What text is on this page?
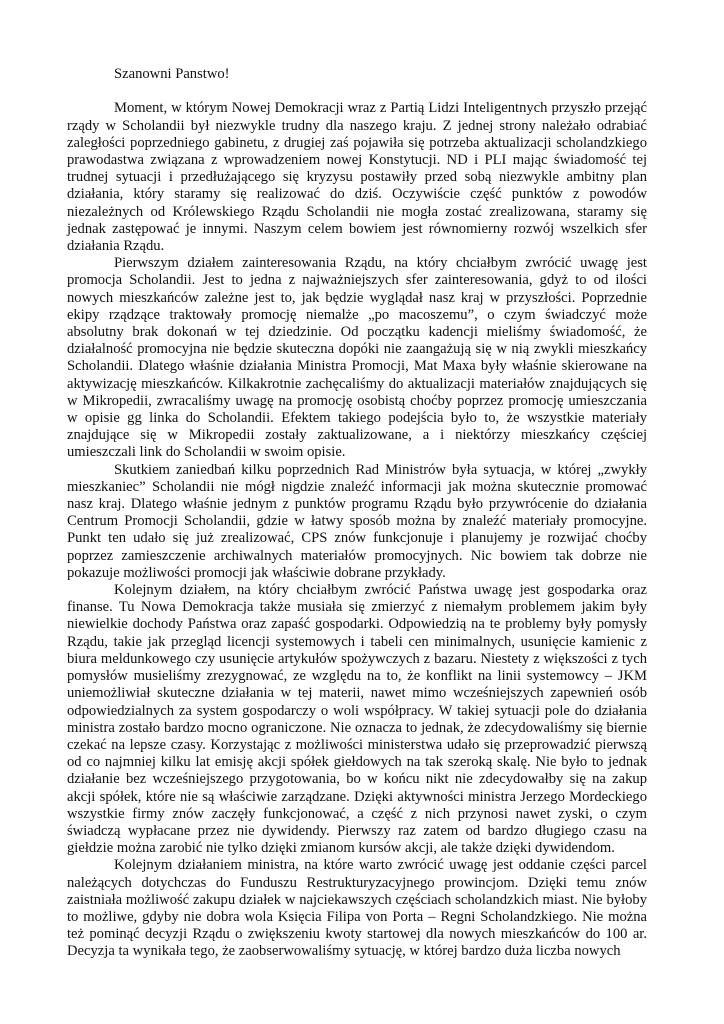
Szanowni Panstwo!

Moment, w którym Nowej Demokracji wraz z Partią Lidzi Inteligentnych przyszło przejąć rządy w Scholandii był niezwykle trudny dla naszego kraju. Z jednej strony należało odrabiać zaległości poprzedniego gabinetu, z drugiej zaś pojawiła się potrzeba aktualizacji scholandzkiego prawodastwa związana z wprowadzeniem nowej Konstytucji. ND i PLI mając świadomość tej trudnej sytuacji i przedłużającego się kryzysu postawiły przed sobą niezwykle ambitny plan działania, który staramy się realizować do dziś. Oczywiście część punktów z powodów niezależnych od Królewskiego Rządu Scholandii nie mogła zostać zrealizowana, staramy się jednak zastępować je innymi. Naszym celem bowiem jest równomierny rozwój wszelkich sfer działania Rządu.

Pierwszym działem zainteresowania Rządu, na który chciałbym zwrócić uwagę jest promocja Scholandii. Jest to jedna z najważniejszych sfer zainteresowania, gdyż to od ilości nowych mieszkańców zależne jest to, jak będzie wyglądał nasz kraj w przyszłości. Poprzednie ekipy rządzące traktowały promocję niemalże „po macoszemu”, o czym świadczyć może absolutny brak dokonań w tej dziedzinie. Od początku kadencji mieliśmy świadomość, że działalność promocyjna nie będzie skuteczna dopóki nie zaangażują się w nią zwykli mieszkańcy Scholandii. Dlatego właśnie działania Ministra Promocji, Mat Maxa były właśnie skierowane na aktywizację mieszkańców. Kilkakrotnie zachęcaliśmy do aktualizacji materiałów znajdujących się w Mikropedii, zwracaliśmy uwagę na promocję osobistą choćby poprzez promocję umieszczania w opisie gg linka do Scholandii. Efektem takiego podejścia było to, że wszystkie materiały znajdujące się w Mikropedii zostały zaktualizowane, a i niektórzy mieszkańcy częściej umieszczali link do Scholandii w swoim opisie.

Skutkiem zaniedbań kilku poprzednich Rad Ministrów była sytuacja, w której „zwykły mieszkaniec” Scholandii nie mógł nigdzie znaleźć informacji jak można skutecznie promować nasz kraj. Dlatego właśnie jednym z punktów programu Rządu było przywrócenie do działania Centrum Promocji Scholandii, gdzie w łatwy sposób można by znaleźć materiały promocyjne. Punkt ten udało się już zrealizować, CPS znów funkcjonuje i planujemy je rozwijać choćby poprzez zamieszczenie archiwalnych materiałów promocyjnych. Nic bowiem tak dobrze nie pokazuje możliwości promocji jak właściwie dobrane przykłady.

Kolejnym działem, na który chciałbym zwrócić Państwa uwagę jest gospodarka oraz finanse. Tu Nowa Demokracja także musiała się zmierzyć z niemałym problemem jakim były niewielkie dochody Państwa oraz zapaść gospodarki. Odpowiedzią na te problemy były pomysły Rządu, takie jak przegląd licencji systemowych i tabeli cen minimalnych, usunięcie kamienic z biura meldunkowego czy usunięcie artykułów spożywczych z bazaru. Niestety z większości z tych pomysłów musieliśmy zrezygnować, ze względu na to, że konflikt na linii systemowcy – JKM uniemożliwiał skuteczne działania w tej materii, nawet mimo wcześniejszych zapewnień osób odpowiedzialnych za system gospodarczy o woli współpracy. W takiej sytuacji pole do działania ministra zostało bardzo mocno ograniczone. Nie oznacza to jednak, że zdecydowaliśmy się biernie czekać na lepsze czasy. Korzystając z możliwości ministerstwa udało się przeprowadzić pierwszą od co najmniej kilku lat emisję akcji spółek giełdowych na tak szeroką skalę. Nie było to jednak działanie bez wcześniejszego przygotowania, bo w końcu nikt nie zdecydowałby się na zakup akcji spółek, które nie są właściwie zarządzane. Dzięki aktywności ministra Jerzego Mordeckiego wszystkie firmy znów zaczęły funkcjonować, a część z nich przynosi nawet zyski, o czym świadczą wypłacane przez nie dywidendy. Pierwszy raz zatem od bardzo długiego czasu na giełdzie można zarobić nie tylko dzięki zmianom kursów akcji, ale także dzięki dywidendom.

Kolejnym działaniem ministra, na które warto zwrócić uwagę jest oddanie części parcel należących dotychczas do Funduszu Restrukturyzacyjnego prowincjom. Dzięki temu znów zaistniała możliwość zakupu działek w najciekawszych częściach scholandzkich miast. Nie byłoby to możliwe, gdyby nie dobra wola Księcia Filipa von Porta – Regni Scholandzkiego. Nie można też pominąć decyzji Rządu o zwiększeniu kwoty startowej dla nowych mieszkańców do 100 ar. Decyzja ta wynikała tego, że zaobserwowaliśmy sytuację, w której bardzo duża liczba nowych
